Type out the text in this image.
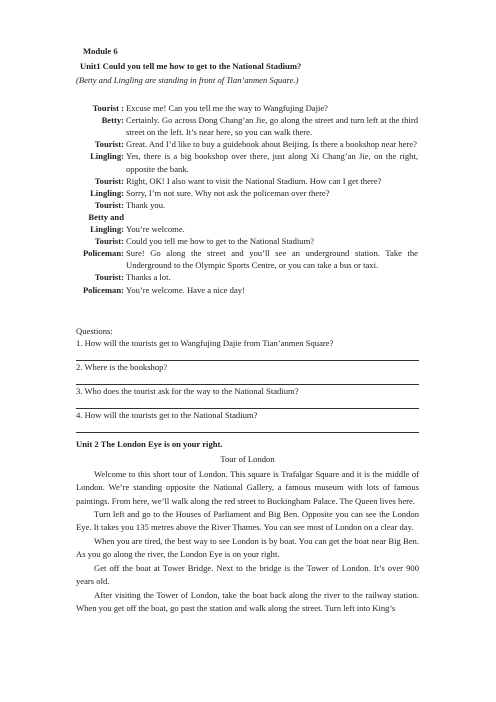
Module 6
Unit1 Could you tell me how to get to the National Stadium?
(Betty and Lingling are standing in front of Tian’anmen Square.)
Tourist : Excuse me! Can you tell me the way to Wangfujing Dajie?
Betty: Certainly. Go across Dong Chang’an Jie, go along the street and turn left at the third
street on the left. It’s near here, so you can walk there.
Tourist: Great. And I’d like to buy a guidebook about Beijing. Is there a bookshop near here?
Lingling: Yes, there is a big bookshop over there, just along Xi Chang’an Jie, on the right,
opposite the bank.
Tourist: Right, OK! I also want to visit the National Stadium. How can I get there?
Lingling: Sorry, I’m not sure. Why not ask the policeman over there?
Tourist: Thank you.
Betty and
Lingling: You’re welcome.
Tourist: Could you tell me how to get to the National Stadium?
Policeman: Sure! Go along the street and you’ll see an underground station. Take the
Underground to the Olympic Sports Centre, or you can take a bus or taxi.
Tourist: Thanks a lot.
Policeman: You’re welcome. Have a nice day!
Questions:
1. How will the tourists get to Wangfujing Dajie from Tian’anmen Square?
2. Where is the bookshop?
3. Who does the tourist ask for the way to the National Stadium?
4. How will the tourists get to the National Stadium?
Unit 2 The London Eye is on your right.
Tour of London
Welcome to this short tour of London. This square is Trafalgar Square and it is the middle of London. We’re standing opposite the National Gallery, a famous museum with lots of famous paintings. From here, we’ll walk along the red street to Buckingham Palace. The Queen lives here.
Turn left and go to the Houses of Parliament and Big Ben. Opposite you can see the London Eye. It takes you 135 metres above the River Thames. You can see most of London on a clear day.
When you are tired, the best way to see London is by boat. You can get the boat near Big Ben. As you go along the river, the London Eye is on your right.
Get off the boat at Tower Bridge. Next to the bridge is the Tower of London. It’s over 900 years old.
After visiting the Tower of London, take the boat back along the river to the railway station. When you get off the boat, go past the station and walk along the street. Turn left into King’s
